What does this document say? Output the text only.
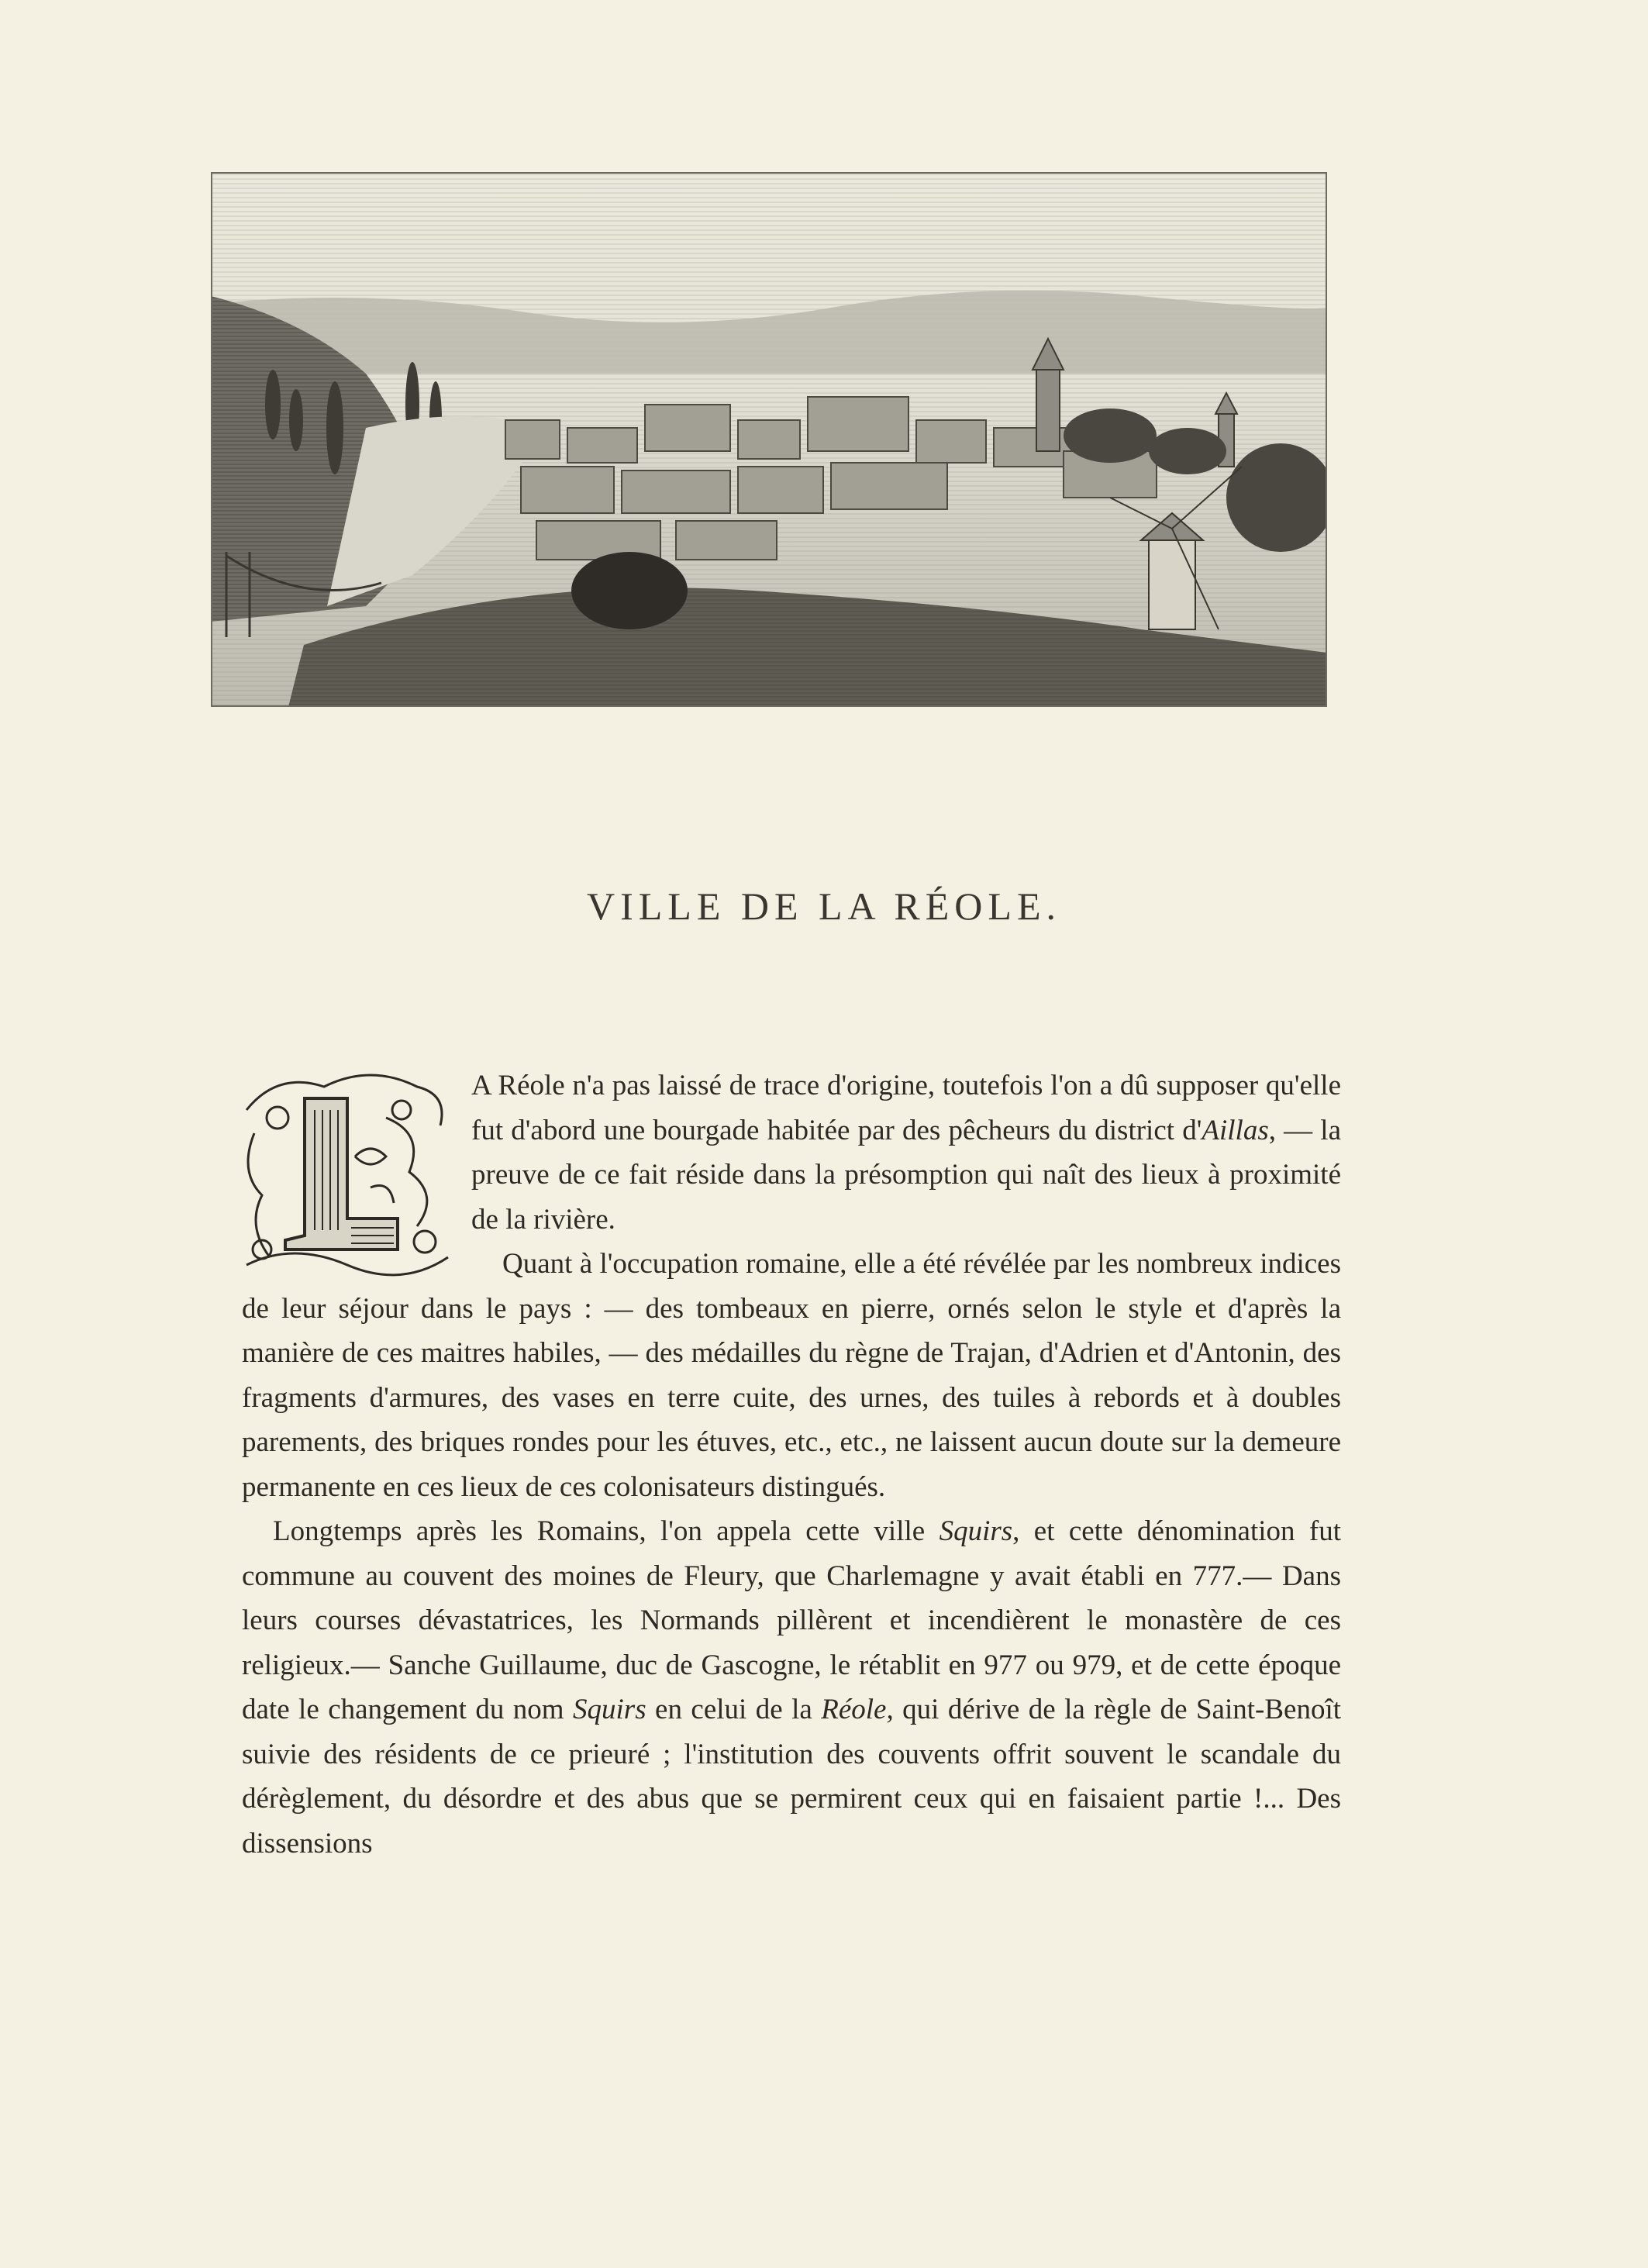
VILLE DE LA RÉOLE.

A Réole n'a pas laissé de trace d'origine, toutefois l'on a dû supposer qu'elle fut d'abord une bourgade habitée par des pêcheurs du district d'Aillas, — la preuve de ce fait réside dans la présomption qui naît des lieux à proximité de la rivière.

Quant à l'occupation romaine, elle a été révélée par les nombreux indices de leur séjour dans le pays : — des tombeaux en pierre, ornés selon le style et d'après la manière de ces maitres habiles, — des médailles du règne de Trajan, d'Adrien et d'Antonin, des fragments d'armures, des vases en terre cuite, des urnes, des tuiles à rebords et à doubles parements, des briques rondes pour les étuves, etc., etc., ne laissent aucun doute sur la demeure permanente en ces lieux de ces colonisateurs distingués.

Longtemps après les Romains, l'on appela cette ville Squirs, et cette dénomination fut commune au couvent des moines de Fleury, que Charlemagne y avait établi en 777.— Dans leurs courses dévastatrices, les Normands pillèrent et incendièrent le monastère de ces religieux.— Sanche Guillaume, duc de Gascogne, le rétablit en 977 ou 979, et de cette époque date le changement du nom Squirs en celui de la Réole, qui dérive de la règle de Saint-Benoît suivie des résidents de ce prieuré ; l'institution des couvents offrit souvent le scandale du dérèglement, du désordre et des abus que se permirent ceux qui en faisaient partie !... Des dissensions
